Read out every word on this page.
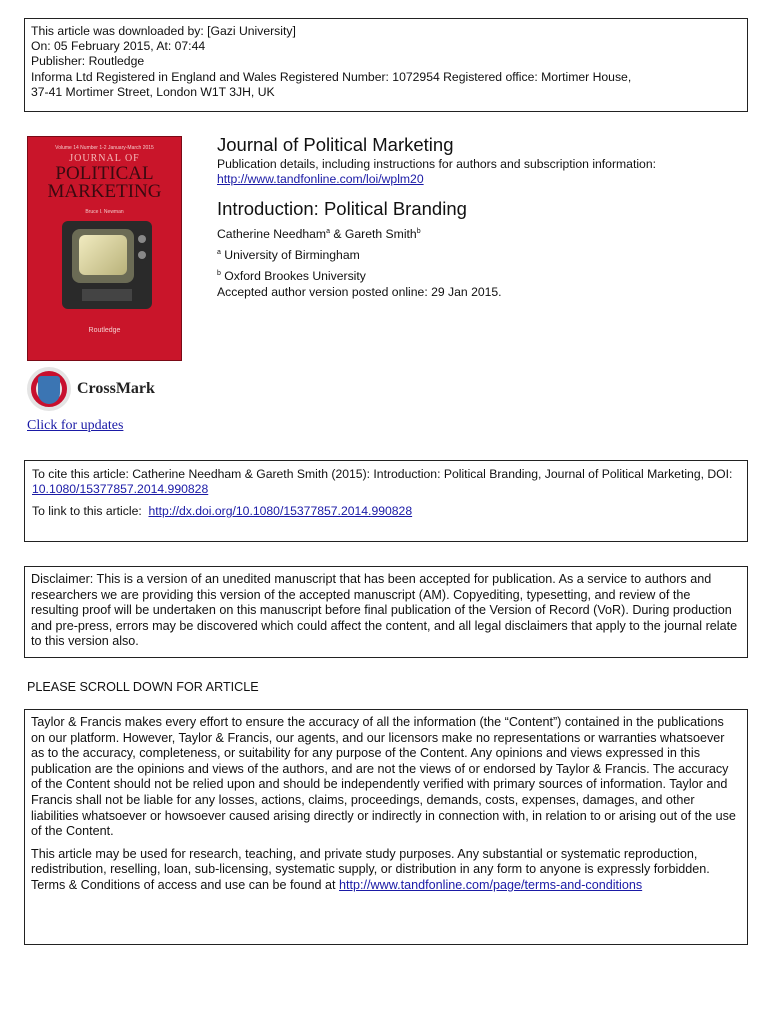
This article was downloaded by: [Gazi University]
On: 05 February 2015, At: 07:44
Publisher: Routledge
Informa Ltd Registered in England and Wales Registered Number: 1072954 Registered office: Mortimer House,
37-41 Mortimer Street, London W1T 3JH, UK
Volume 14 Number 1-2 January-March 2015
JOURNAL OF
POLITICAL
MARKETING
Bruce I. Newman
Routledge
CrossMark
Click for updates
Journal of Political Marketing
Publication details, including instructions for authors and subscription information:
http://www.tandfonline.com/loi/wplm20
Introduction: Political Branding
Catherine Needham$^a$ & Gareth Smith$^b$
$^a$ University of Birmingham
$^b$ Oxford Brookes University
Accepted author version posted online: 29 Jan 2015.
To cite this article: Catherine Needham & Gareth Smith (2015): Introduction: Political Branding, Journal of Political Marketing, DOI: 10.1080/15377857.2014.990828
To link to this article:  http://dx.doi.org/10.1080/15377857.2014.990828
Disclaimer: This is a version of an unedited manuscript that has been accepted for publication. As a service to authors and researchers we are providing this version of the accepted manuscript (AM). Copyediting, typesetting, and review of the resulting proof will be undertaken on this manuscript before final publication of the Version of Record (VoR). During production and pre-press, errors may be discovered which could affect the content, and all legal disclaimers that apply to the journal relate to this version also.
PLEASE SCROLL DOWN FOR ARTICLE

Taylor & Francis makes every effort to ensure the accuracy of all the information (the “Content”) contained in the publications on our platform. However, Taylor & Francis, our agents, and our licensors make no representations or warranties whatsoever as to the accuracy, completeness, or suitability for any purpose of the Content. Any opinions and views expressed in this publication are the opinions and views of the authors, and are not the views of or endorsed by Taylor & Francis. The accuracy of the Content should not be relied upon and should be independently verified with primary sources of information. Taylor and Francis shall not be liable for any losses, actions, claims, proceedings, demands, costs, expenses, damages, and other liabilities whatsoever or howsoever caused arising directly or indirectly in connection with, in relation to or arising out of the use of the Content.

This article may be used for research, teaching, and private study purposes. Any substantial or systematic reproduction, redistribution, reselling, loan, sub-licensing, systematic supply, or distribution in any form to anyone is expressly forbidden. Terms & Conditions of access and use can be found at http://www.tandfonline.com/page/terms-and-conditions
